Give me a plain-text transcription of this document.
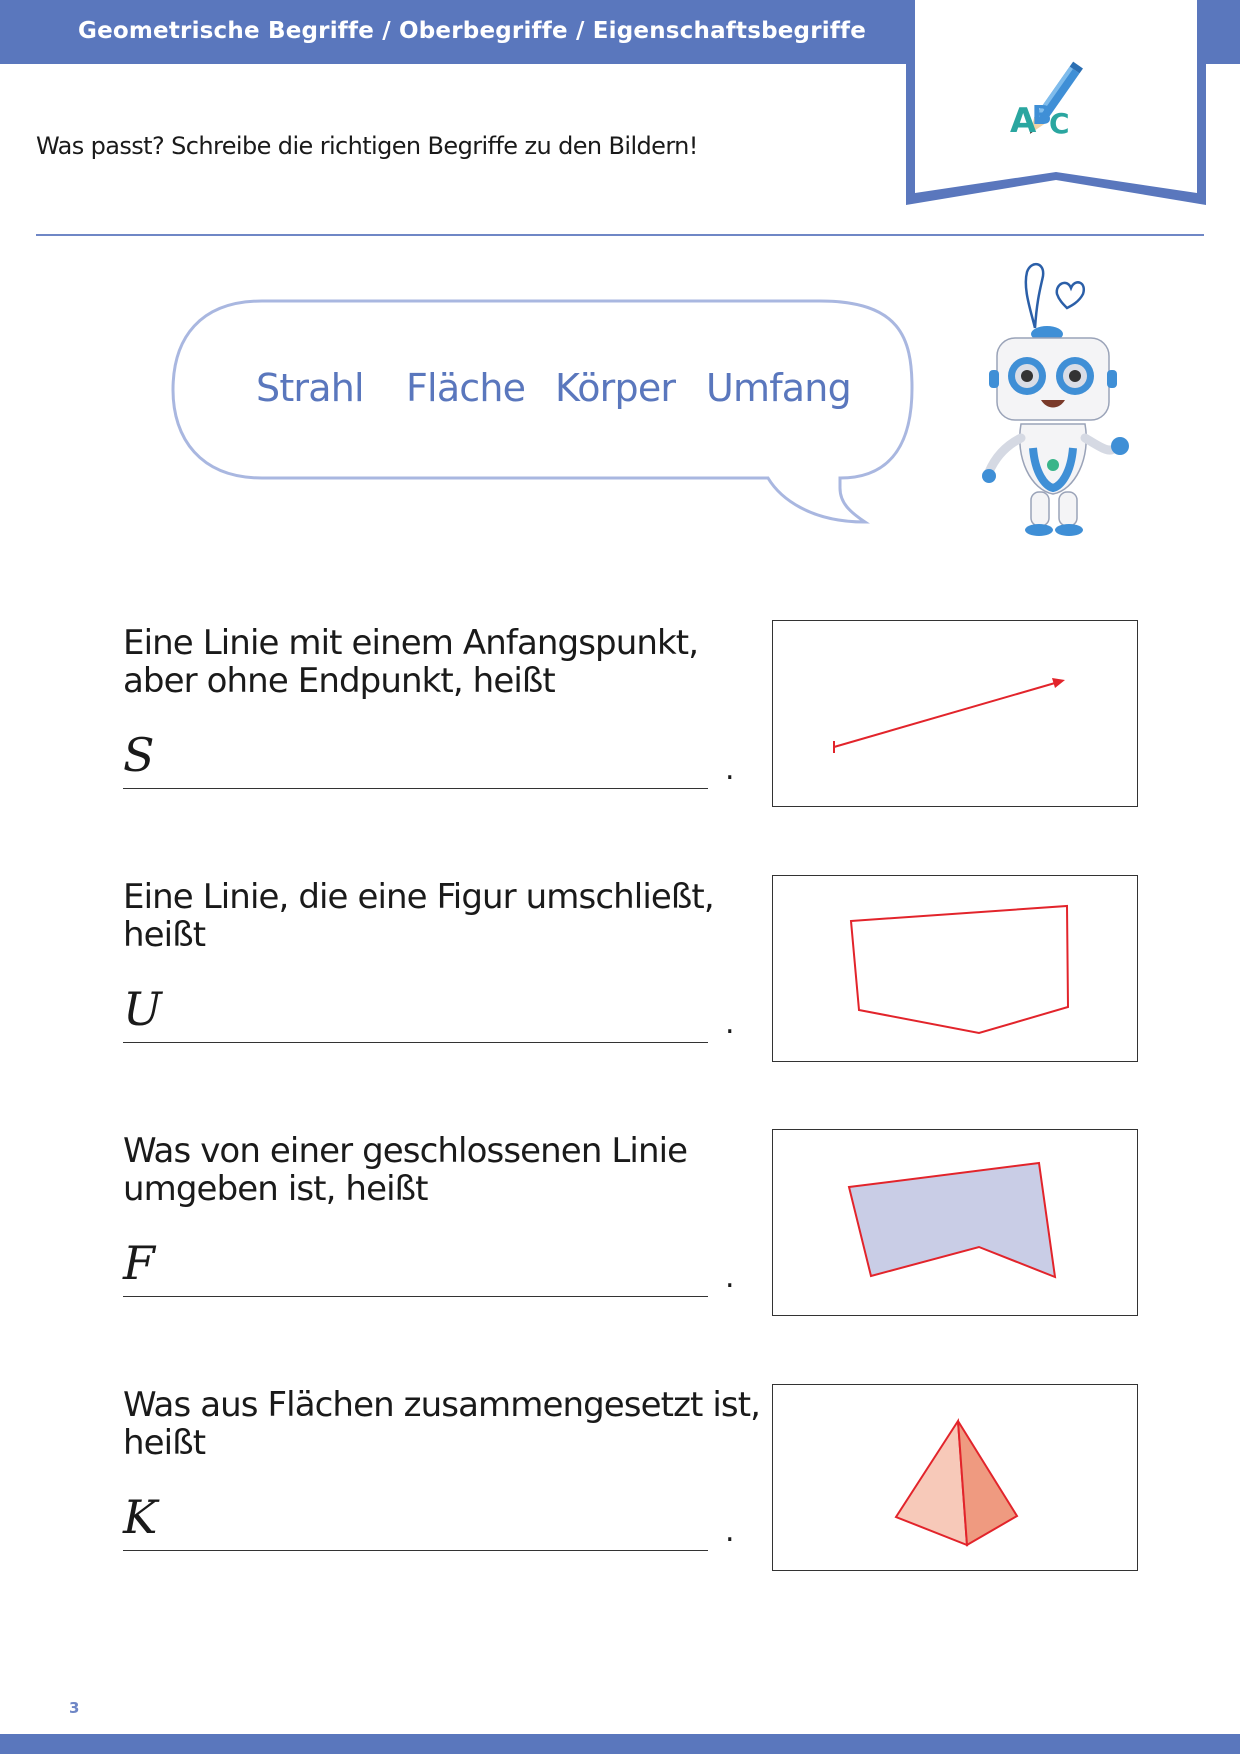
Geometrische Begriffe / Oberbegriffe / Eigenschaftsbegriffe
A
B
C
Was passt? Schreibe die richtigen Begriffe zu den Bildern!
Strahl Fläche Körper Umfang
Eine Linie mit einem Anfangspunkt, aber ohne Endpunkt, heißt
S	.
Eine Linie, die eine Figur umschließt, heißt
U	.
Was von einer geschlossenen Linie umgeben ist, heißt
F	.
Was aus Flächen zusammengesetzt ist, heißt
K	.
3
